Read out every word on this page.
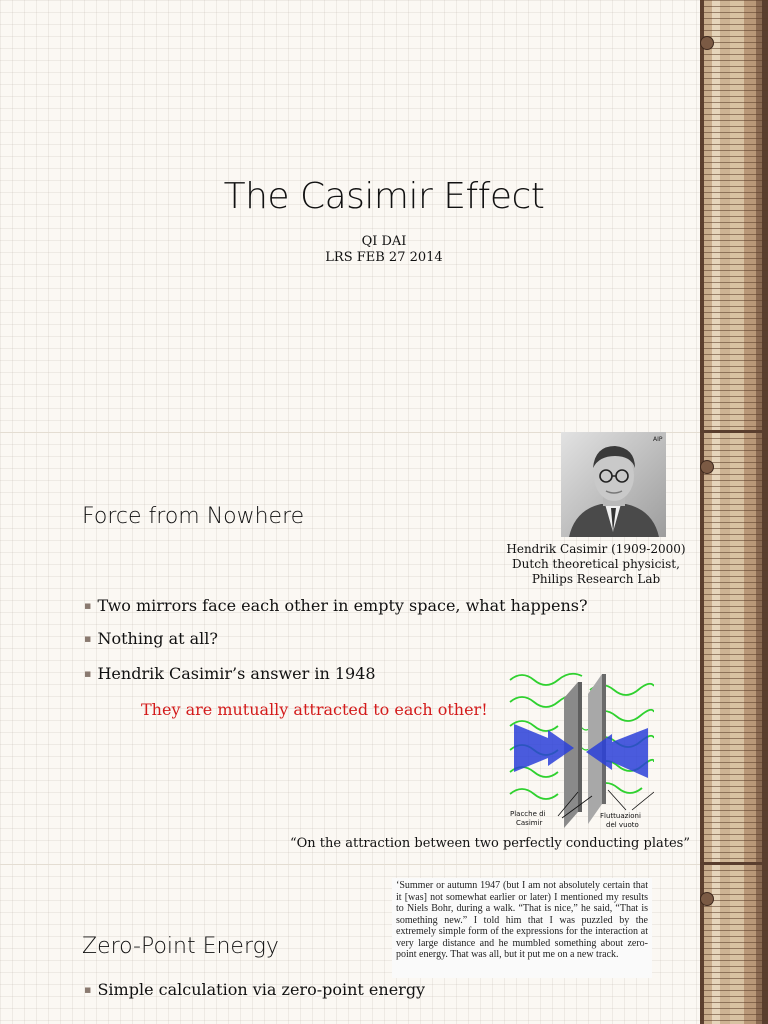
The Casimir Effect
QI DAI
LRS FEB 27 2014
AIP
Force from Nowhere
Hendrik Casimir (1909-2000)
Dutch theoretical physicist,
Philips Research Lab
▪ Two mirrors face each other in empty space, what happens?
▪ Nothing at all?
▪ Hendrik Casimir’s answer in 1948
They are mutually attracted to each other!
Placche di
Casimir
Fluttuazioni
del vuoto
“On the attraction between two perfectly conducting plates”
‘Summer or autumn 1947 (but I am not absolutely certain that it [was] not somewhat earlier or later) I mentioned my results to Niels Bohr, during a walk. “That is nice,” he said, “That is something new.” I told him that I was puzzled by the extremely simple form of the expressions for the interaction at very large distance and he mumbled something about zero-point energy. That was all, but it put me on a new track.
Zero-Point Energy
▪ Simple calculation via zero-point energy
